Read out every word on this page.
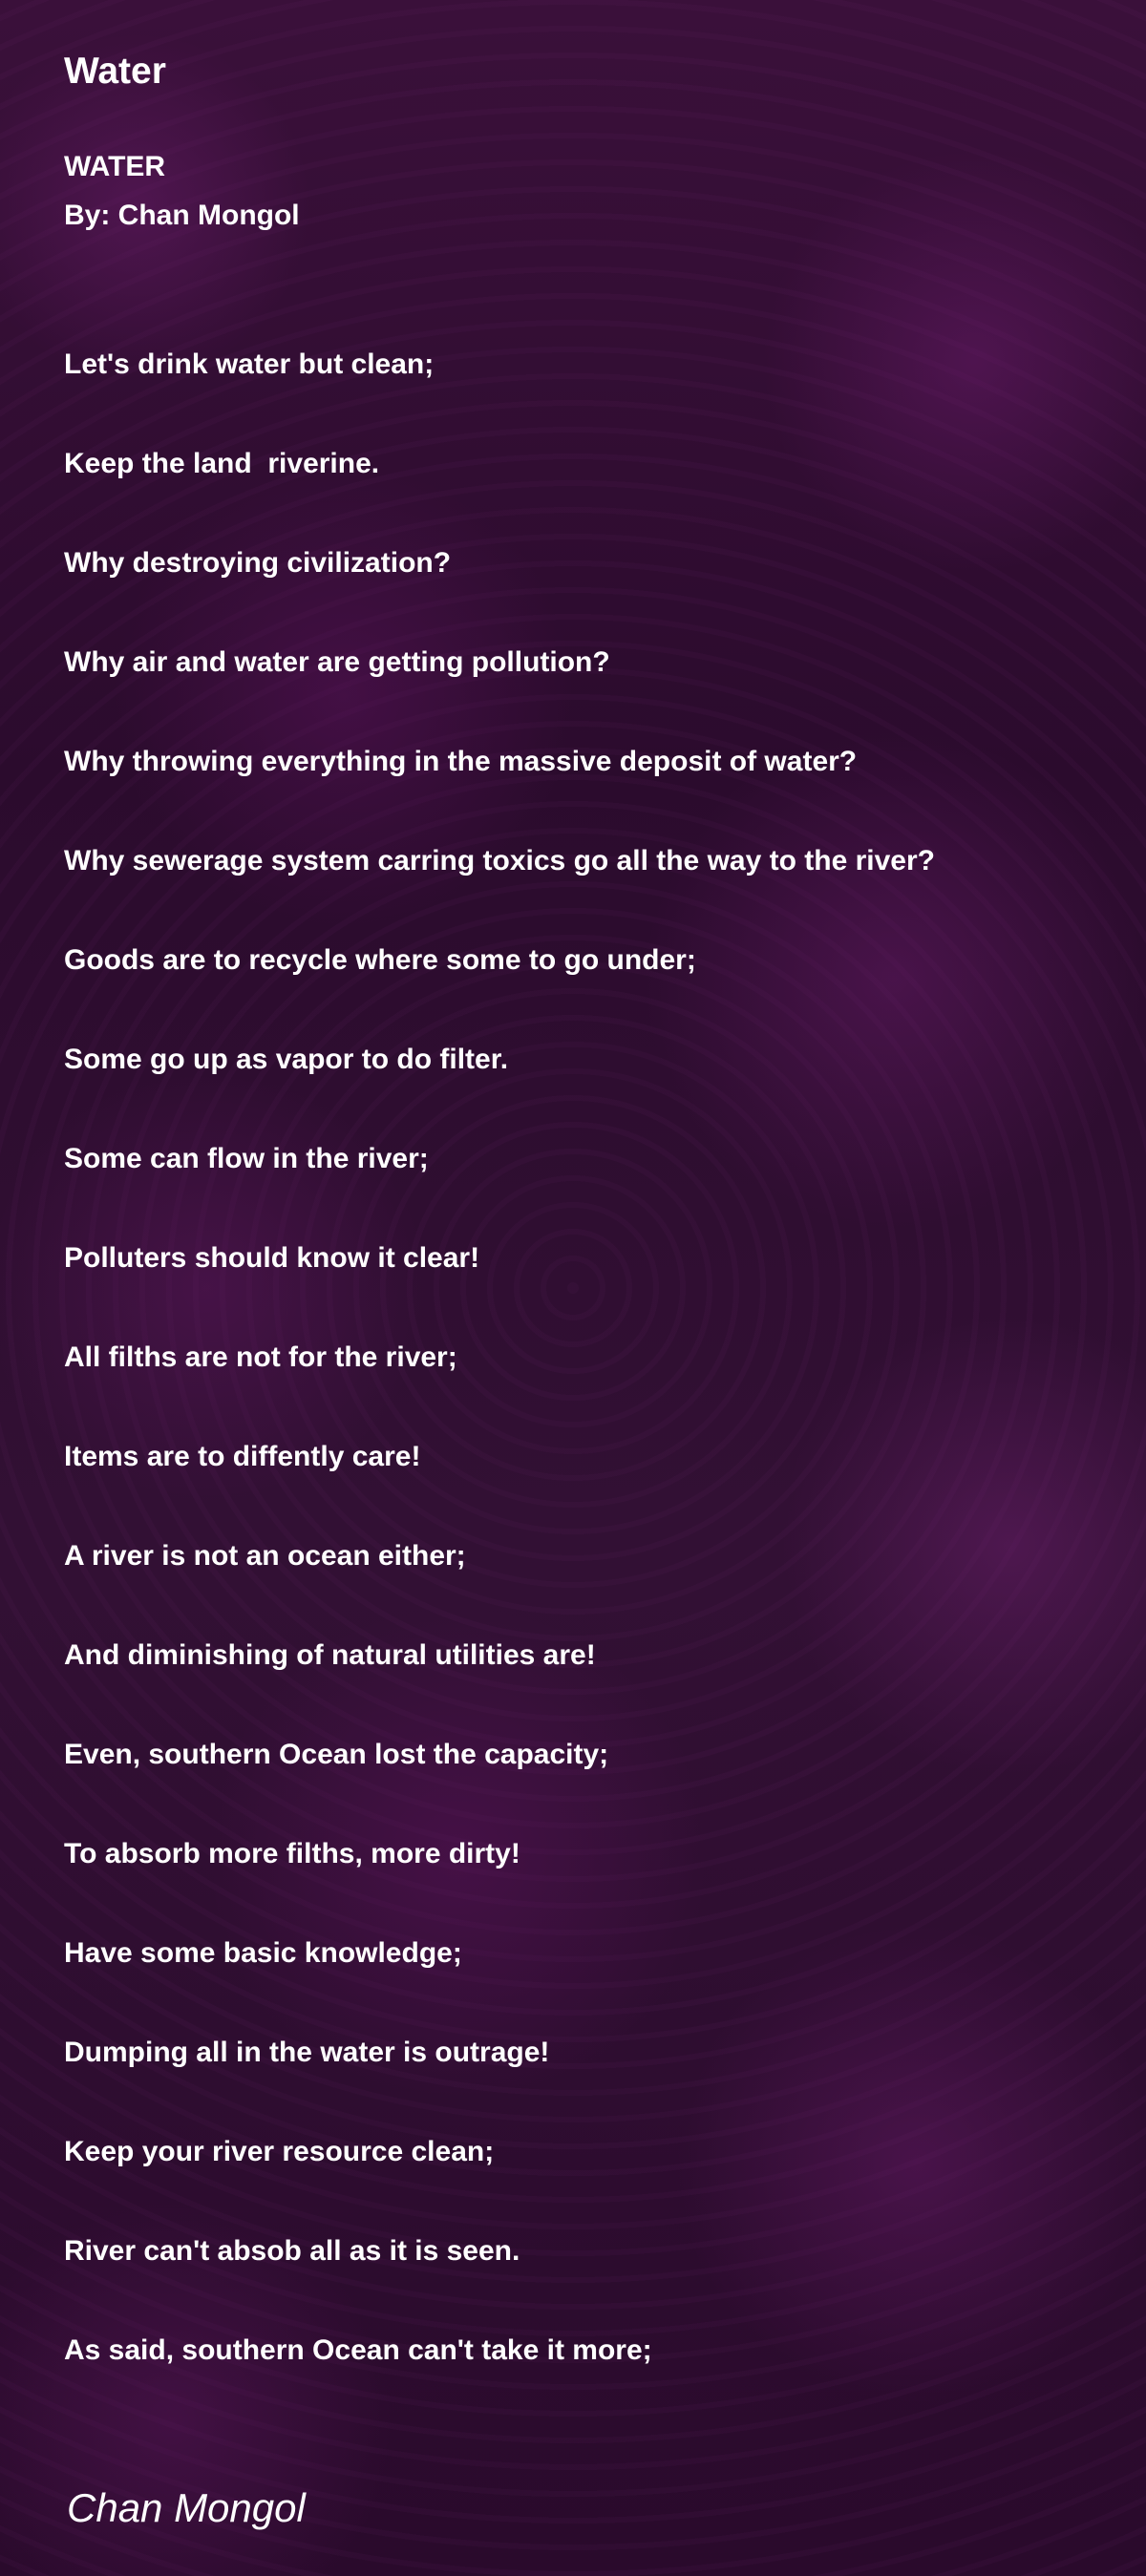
Water
WATER
By: Chan Mongol
Let's drink water but clean;
Keep the land  riverine.
Why destroying civilization?
Why air and water are getting pollution?
Why throwing everything in the massive deposit of water?
Why sewerage system carring toxics go all the way to the river?
Goods are to recycle where some to go under;
Some go up as vapor to do filter.
Some can flow in the river;
Polluters should know it clear!
All filths are not for the river;
Items are to diffently care!
A river is not an ocean either;
And diminishing of natural utilities are!
Even, southern Ocean lost the capacity;
To absorb more filths, more dirty!
Have some basic knowledge;
Dumping all in the water is outrage!
Keep your river resource clean;
River can't absob all as it is seen.
As said, southern Ocean can't take it more;
Chan Mongol
